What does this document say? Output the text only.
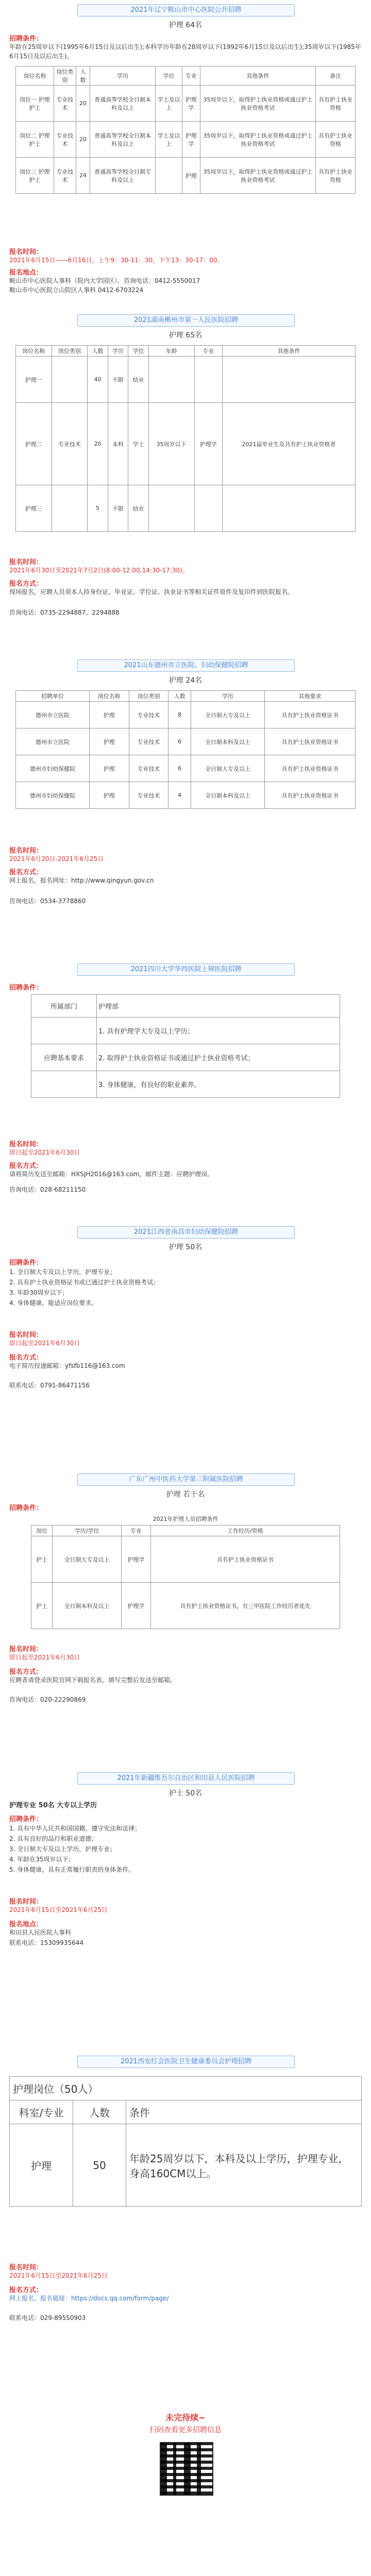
2021年辽宁鞍山市中心医院公开招聘
护理 64名
招聘条件：
年龄在25周岁以下(1995年6月15日及以后出生);本科学历年龄在28周岁以下(1992年6月15日及以后出生);35周岁以下(1985年6月15日及以后出生)。
岗位名称	岗位类别	人数	学历	学位	专业	其他条件	备注
岗位一 护理 护士	专业技术	20	普通高等学校全日制本科及以上	学士及以上	护理学	35周岁以下，取得护士执业资格或通过护士执业资格考试	具有护士执业资格
岗位二 护理 护士	专业技术	20	普通高等学校全日制本科及以上	学士及以上	护理学	35周岁以下，取得护士执业资格或通过护士执业资格考试	具有护士执业资格
岗位三 护理 护士	专业技术	24	普通高等学校全日制专科及以上		护理	35周岁以下，取得护士执业资格或通过护士执业资格考试	具有护士执业资格
报名时间：
2021年6月15日——6月16日，上午9：30-11：30，下午13：30-17：00。
报名地点：
鞍山市中心医院人事科（院内大学园区），咨询电话：0412-5550017
鞍山市中心医院立山院区人事科 0412-6703224
2021湖南郴州市第一人民医院招聘
护理 65名
岗位名称	岗位类别	人数	学历	学位	年龄	专业	其他条件
护理一		40	不限	结业			
护理二	专业技术	20	本科	学士	35周岁以下	护理学	2021届毕业生及具有护士执业资格者
护理三		5	不限	结业			
报名时间：
2021年6月30日至2021年7月2日(8:00-12:00,14:30-17:30)。
报名方式：
现场报名，应聘人员须本人持身份证、毕业证、学位证、执业证书等相关证件原件及复印件到医院报名。
咨询电话：0735-2294887、2294888
2021山东德州市立医院、妇幼保健院招聘
护理 24名
招聘单位	岗位名称	岗位类别	人数	学历	其他要求
德州市立医院	护理	专业技术	8	全日制大专及以上	具有护士执业资格证书
德州市立医院	护理	专业技术	6	全日制本科及以上	具有护士执业资格证书
德州市妇幼保健院	护理	专业技术	6	全日制大专及以上	具有护士执业资格证书
德州市妇幼保健院	护理	专业技术	4	全日制本科及以上	具有护士执业资格证书
报名时间：
2021年6月20日-2021年6月25日
报名方式：
网上报名，报名网址：http://www.qingyun.gov.cn
咨询电话：0534-3778860
2021四川大学华西医院上锦医院招聘
招聘条件：
所属部门	护理部
	1. 具有护理学大专及以上学历；
应聘基本要求	2. 取得护士执业资格证书或通过护士执业资格考试；
	3. 身体健康，有良好的职业素养。
报名时间：
即日起至2021年6月30日
报名方式：
请将简历发送至邮箱：HXSJH2016@163.com，邮件主题：应聘护理岗。
咨询电话：028-68211150
2021江西省南昌市妇幼保健院招聘
护理 50名
招聘条件：
1. 全日制大专及以上学历，护理专业；
2. 具有护士执业资格证书或已通过护士执业资格考试；
3. 年龄30周岁以下；
4. 身体健康，能适应岗位要求。
报名时间：
即日起至2021年6月30日
报名方式：
电子简历投递邮箱：yfsfb116@163.com
联系电话：0791-86471156
广东广州中医药大学第三附属医院招聘
护理 若干名
招聘条件：
2021年护理人员招聘条件
岗位	学历/学位	专业	工作经历/资格
护士	全日制大专及以上	护理学	具有护士执业资格证书
护士	全日制本科及以上	护理学	具有护士执业资格证书，有三甲医院工作经历者优先
报名时间：
即日起至2021年6月30日
报名方式：
应聘者请登录医院官网下载报名表，填写完整后发送至邮箱。
咨询电话：020-22290869
2021年新疆维吾尔自治区和田县人民医院招聘
护士 50名
护理专业 50名 大专以上学历
招聘条件：
1. 具有中华人民共和国国籍，遵守宪法和法律；
2. 具有良好的品行和职业道德；
3. 全日制大专及以上学历，护理专业；
4. 年龄在35周岁以下；
5. 身体健康，具有正常履行职责的身体条件。
报名时间：
2021年6月15日至2021年6月25日
报名地点：
和田县人民医院人事科
联系电话：15309935644
2021西安红会医院卫生健康委员会护理招聘
护理岗位（50人）		
科室/专业	人数	条件
护理	50	年龄25周岁以下，本科及以上学历，护理专业，身高160CM以上。
报名时间：
2021年6月15日至2021年6月25日
报名方式：
网上报名，报名链接：https://docs.qq.com/form/page/
联系电话：029-89550903
未完待续~
扫码查看更多招聘信息
